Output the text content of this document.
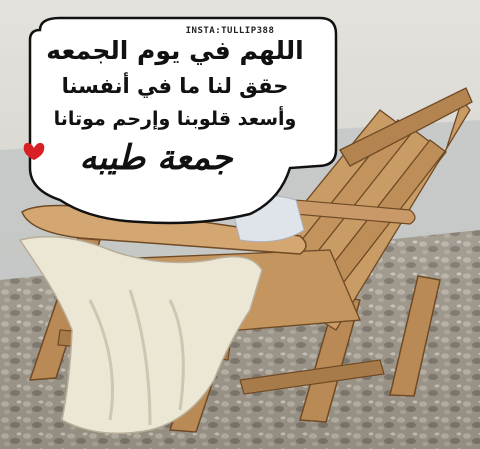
INSTA:TULLIP388
اللهم في يوم الجمعه
حقق لنا ما في أنفسنا
وأسعد قلوبنا وإرحم موتانا
جمعة طيبه
